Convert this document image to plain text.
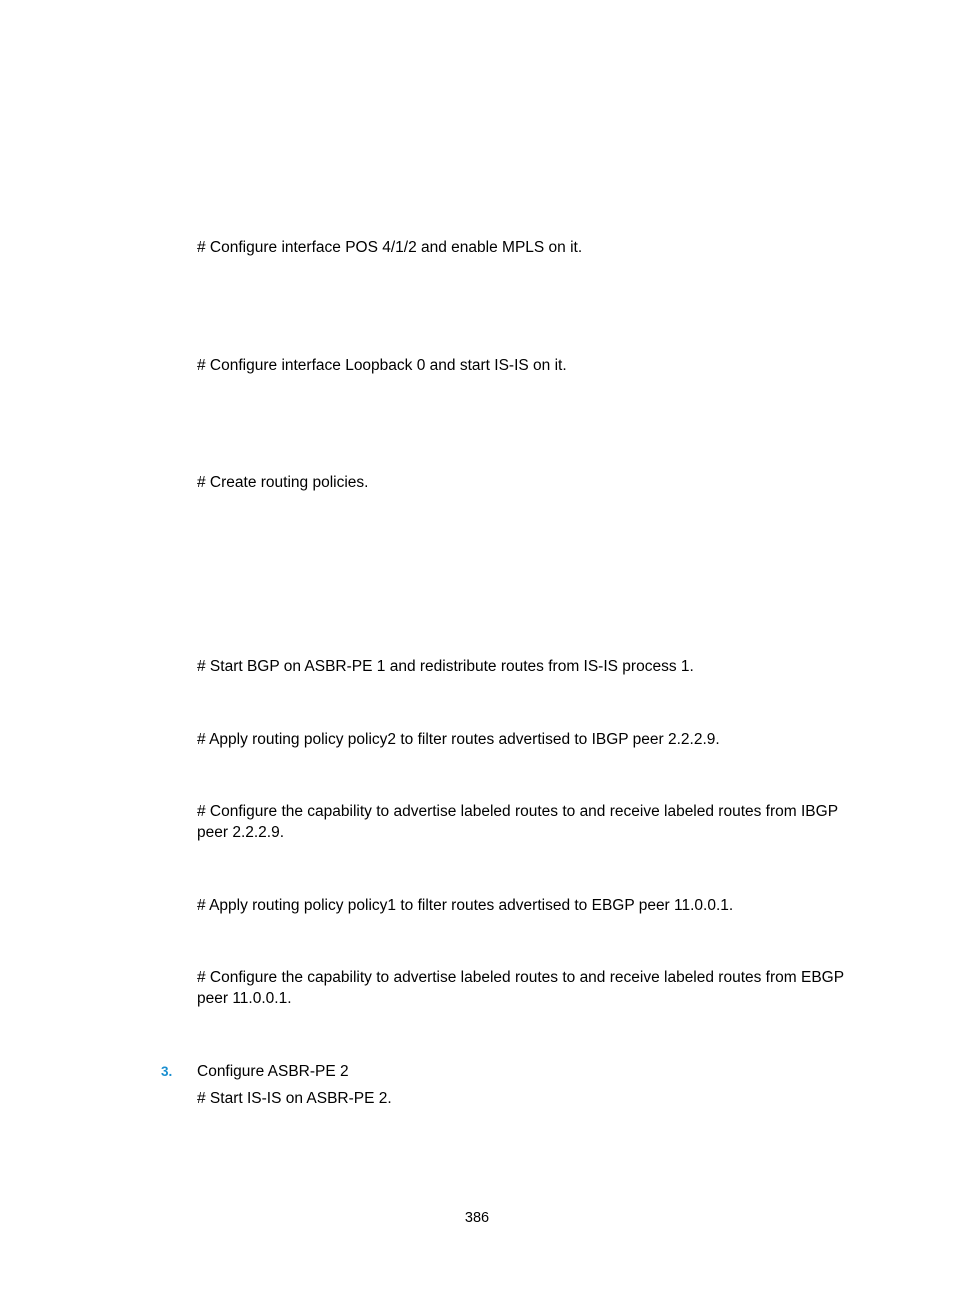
# Configure interface POS 4/1/2 and enable MPLS on it.

# Configure interface Loopback 0 and start IS-IS on it.

# Create routing policies.

# Start BGP on ASBR-PE 1 and redistribute routes from IS-IS process 1.

# Apply routing policy policy2 to filter routes advertised to IBGP peer 2.2.2.9.

# Configure the capability to advertise labeled routes to and receive labeled routes from IBGP peer 2.2.2.9.

# Apply routing policy policy1 to filter routes advertised to EBGP peer 11.0.0.1.

# Configure the capability to advertise labeled routes to and receive labeled routes from EBGP peer 11.0.0.1.

3. Configure ASBR-PE 2

# Start IS-IS on ASBR-PE 2.

386
